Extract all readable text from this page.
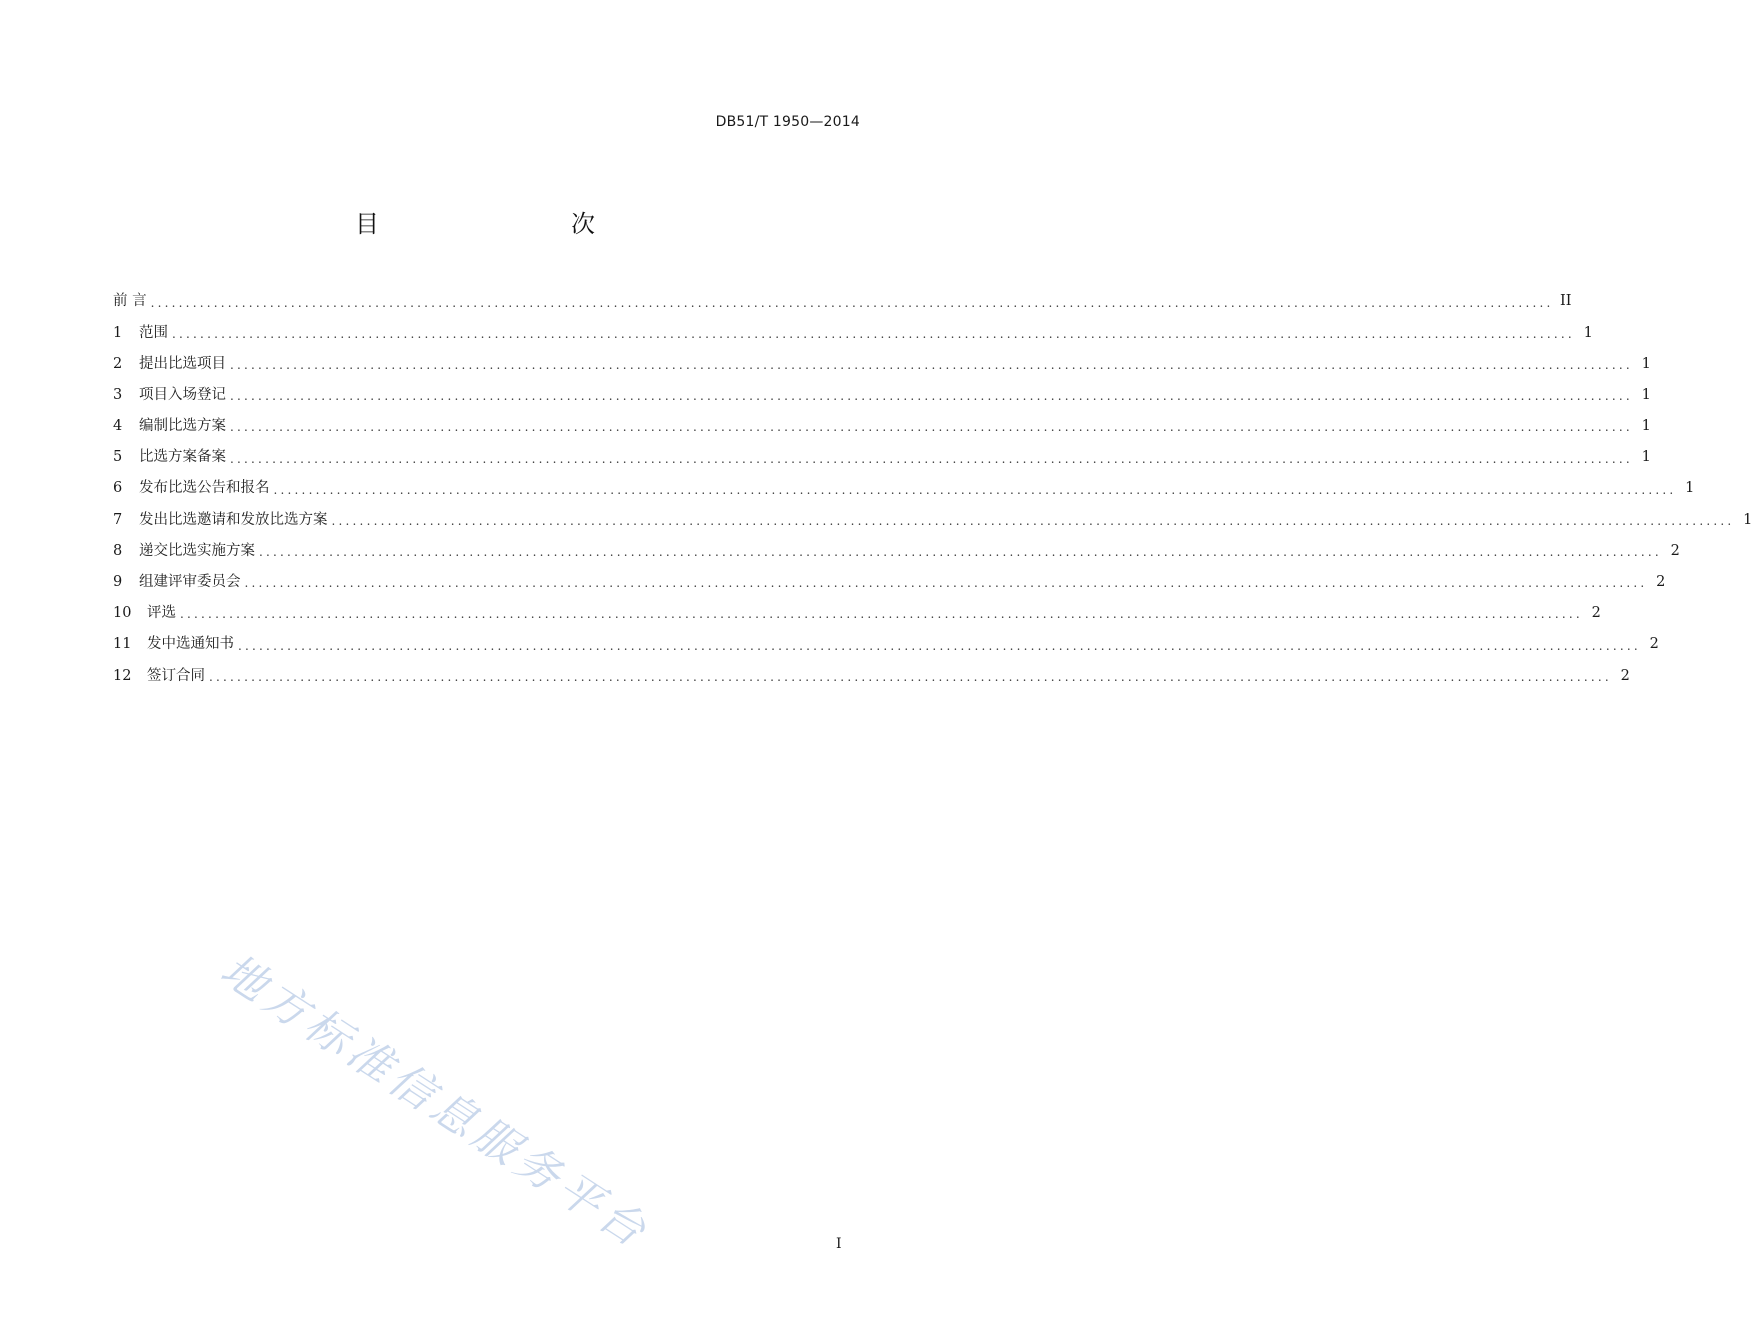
DB51/T 1950—2014
目　　次
前 言 ........................................................................................................................................................................................................ II
1	范围 ........................................................................................................................................................................................................ 1
2	提出比选项目 ........................................................................................................................................................................................................ 1
3	项目入场登记 ........................................................................................................................................................................................................ 1
4	编制比选方案 ........................................................................................................................................................................................................ 1
5	比选方案备案 ........................................................................................................................................................................................................ 1
6	发布比选公告和报名 ........................................................................................................................................................................................................ 1
7	发出比选邀请和发放比选方案 ........................................................................................................................................................................................................ 1
8	递交比选实施方案 ........................................................................................................................................................................................................ 2
9	组建评审委员会 ........................................................................................................................................................................................................ 2
10	评选 ........................................................................................................................................................................................................ 2
11	发中选通知书 ........................................................................................................................................................................................................ 2
12	签订合同 ........................................................................................................................................................................................................ 2
地方标准信息服务平台	I
